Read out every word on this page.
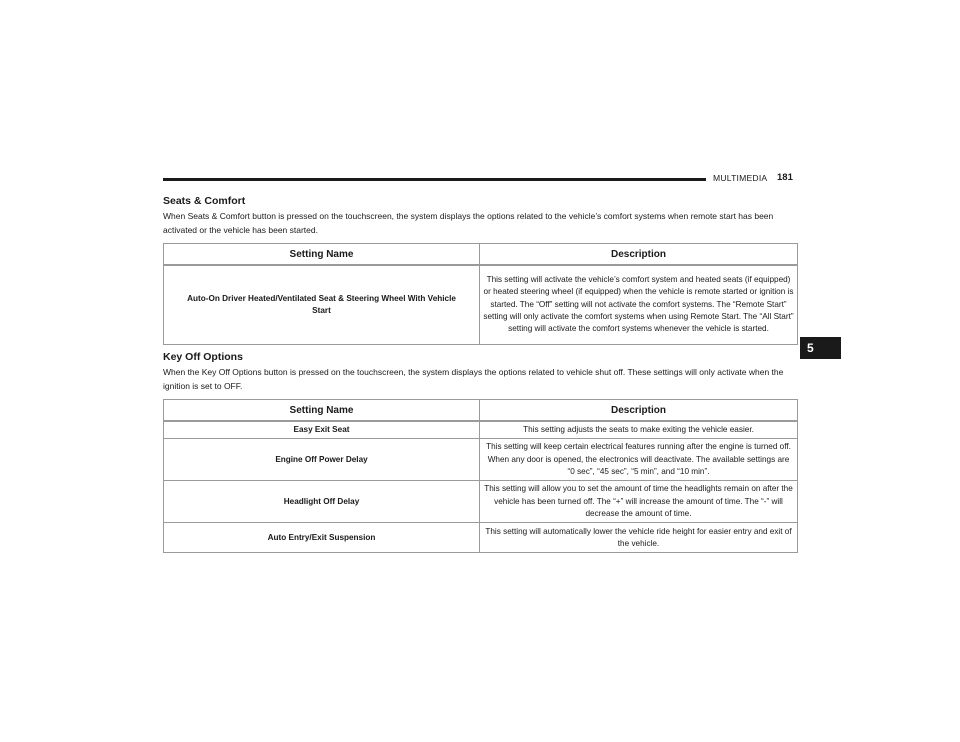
MULTIMEDIA 181
5
Seats & Comfort
When Seats & Comfort button is pressed on the touchscreen, the system displays the options related to the vehicle’s comfort systems when remote start has been activated or the vehicle has been started.
Setting Name	Description
Auto-On Driver Heated/Ventilated Seat & Steering Wheel With Vehicle Start	This setting will activate the vehicle’s comfort system and heated seats (if equipped) or heated steering wheel (if equipped) when the vehicle is remote started or ignition is started. The “Off” setting will not activate the comfort systems. The “Remote Start” setting will only activate the comfort systems when using Remote Start. The “All Start” setting will activate the comfort systems whenever the vehicle is started.
Key Off Options
When the Key Off Options button is pressed on the touchscreen, the system displays the options related to vehicle shut off. These settings will only activate when the ignition is set to OFF.
Setting Name	Description
Easy Exit Seat	This setting adjusts the seats to make exiting the vehicle easier.
Engine Off Power Delay	This setting will keep certain electrical features running after the engine is turned off. When any door is opened, the electronics will deactivate. The available settings are “0 sec”, “45 sec”, “5 min”, and “10 min”.
Headlight Off Delay	This setting will allow you to set the amount of time the headlights remain on after the vehicle has been turned off. The “+” will increase the amount of time. The “-” will decrease the amount of time.
Auto Entry/Exit Suspension	This setting will automatically lower the vehicle ride height for easier entry and exit of the vehicle.
